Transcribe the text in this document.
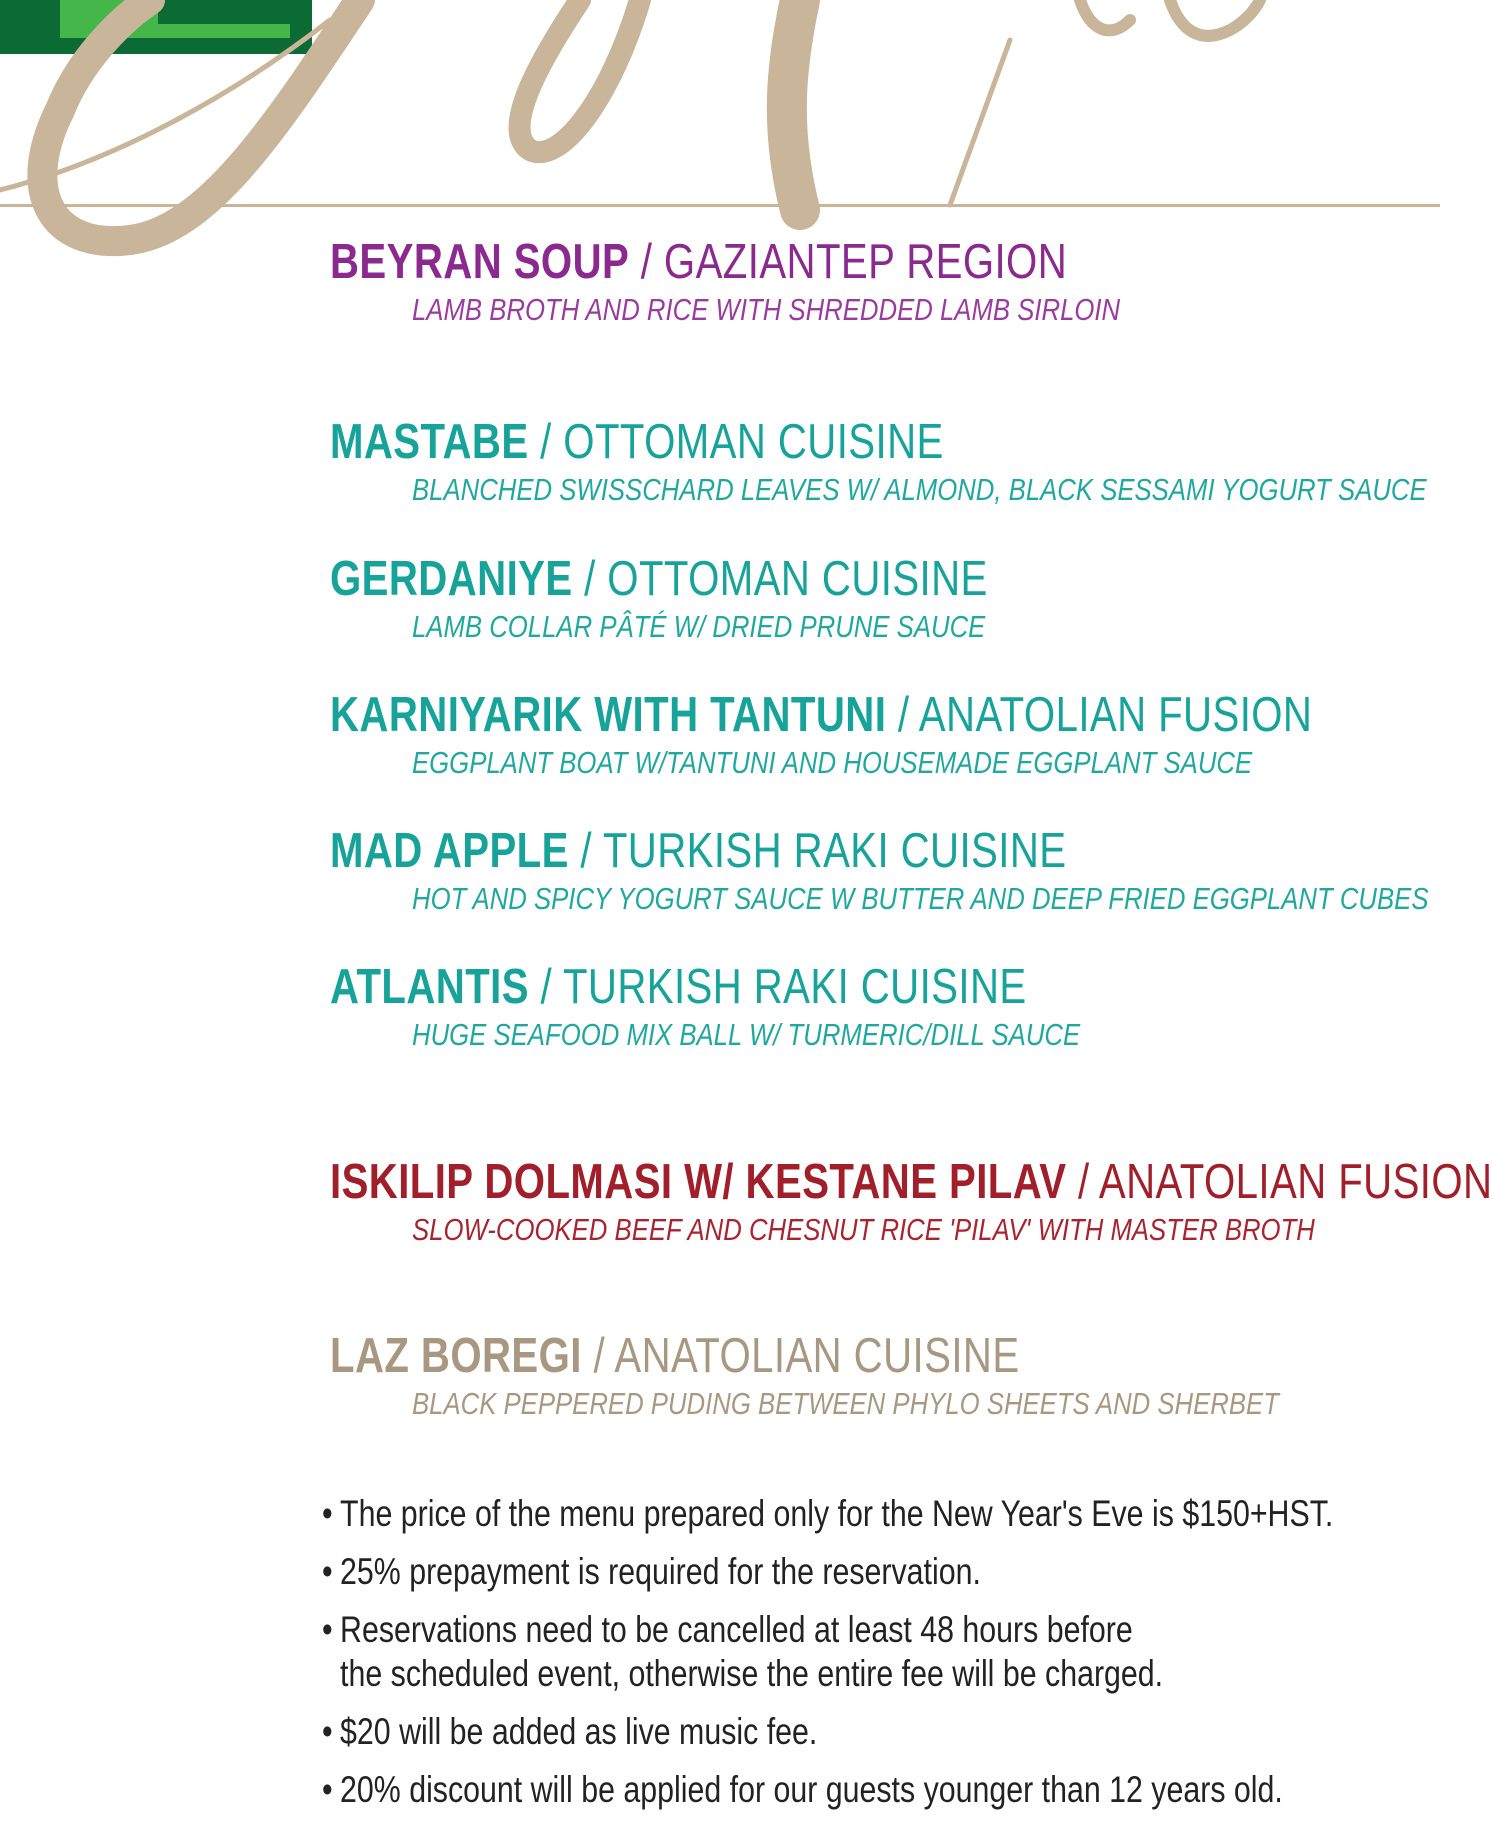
BEYRAN SOUP / GAZIANTEP REGION
LAMB BROTH AND RICE WITH SHREDDED LAMB SIRLOIN
MASTABE / OTTOMAN CUISINE
BLANCHED SWISSCHARD LEAVES W/ ALMOND, BLACK SESSAMI YOGURT SAUCE
GERDANIYE / OTTOMAN CUISINE
LAMB COLLAR PÂTÉ W/ DRIED PRUNE SAUCE
KARNIYARIK WITH TANTUNI / ANATOLIAN FUSION
EGGPLANT BOAT W/TANTUNI AND HOUSEMADE EGGPLANT SAUCE
MAD APPLE / TURKISH RAKI CUISINE
HOT AND SPICY YOGURT SAUCE W BUTTER AND DEEP FRIED EGGPLANT CUBES
ATLANTIS / TURKISH RAKI CUISINE
HUGE SEAFOOD MIX BALL W/ TURMERIC/DILL SAUCE
ISKILIP DOLMASI W/ KESTANE PILAV / ANATOLIAN FUSION
SLOW-COOKED BEEF AND CHESNUT RICE 'PILAV' WITH MASTER BROTH
LAZ BOREGI / ANATOLIAN CUISINE
BLACK PEPPERED PUDING BETWEEN PHYLO SHEETS AND SHERBET
• The price of the menu prepared only for the New Year's Eve is $150+HST.
• 25% prepayment is required for the reservation.
• Reservations need to be cancelled at least 48 hours before
the scheduled event, otherwise the entire fee will be charged.
• $20 will be added as live music fee.
• 20% discount will be applied for our guests younger than 12 years old.
